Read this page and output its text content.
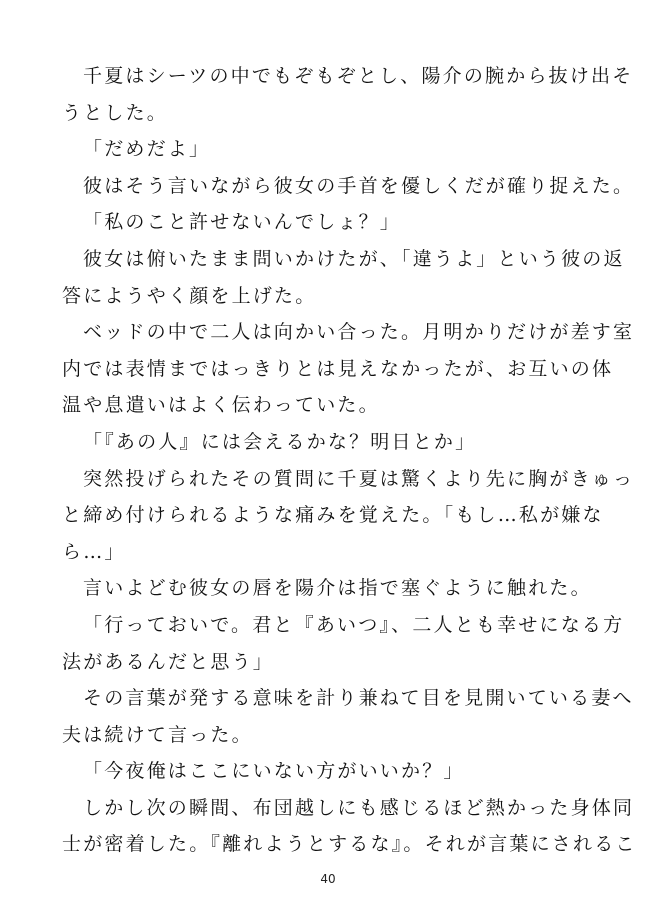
千夏はシーツの中でもぞもぞとし、陽介の腕から抜け出そ
うとした。
「だめだよ」
彼はそう言いながら彼女の手首を優しくだが確り捉えた。
「私のこと許せないんでしょ？」
彼女は俯いたまま問いかけたが、「違うよ」という彼の返
答にようやく顔を上げた。
ベッドの中で二人は向かい合った。月明かりだけが差す室
内では表情まではっきりとは見えなかったが、お互いの体
温や息遣いはよく伝わっていた。
「『あの人』には会えるかな？明日とか」
突然投げられたその質問に千夏は驚くより先に胸がきゅっ
と締め付けられるような痛みを覚えた。「もし…私が嫌な
ら…」
言いよどむ彼女の唇を陽介は指で塞ぐように触れた。
「行っておいで。君と『あいつ』、二人とも幸せになる方
法があるんだと思う」
その言葉が発する意味を計り兼ねて目を見開いている妻へ
夫は続けて言った。
「今夜俺はここにいない方がいいか？」
しかし次の瞬間、布団越しにも感じるほど熱かった身体同
士が密着した。『離れようとするな』。それが言葉にされるこ
40
